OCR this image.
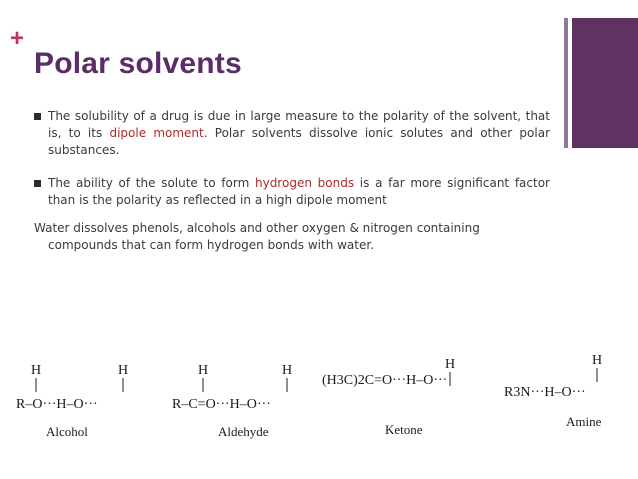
+
Polar solvents
The solubility of a drug is due in large measure to the polarity of the solvent, that is, to its dipole moment. Polar solvents dissolve ionic solutes and other polar substances.
The ability of the solute to form hydrogen bonds is a far more significant factor than is the polarity as reflected in a high dipole moment
Water dissolves phenols, alcohols and other oxygen & nitrogen containing
compounds that can form hydrogen bonds with water.
H	H
R–O···H–O···
Alcohol
H	H
R–C=O···H–O···
Aldehyde
H
(H3C)2C=O···H–O···
Ketone
H
R3N···H–O···
Amine
